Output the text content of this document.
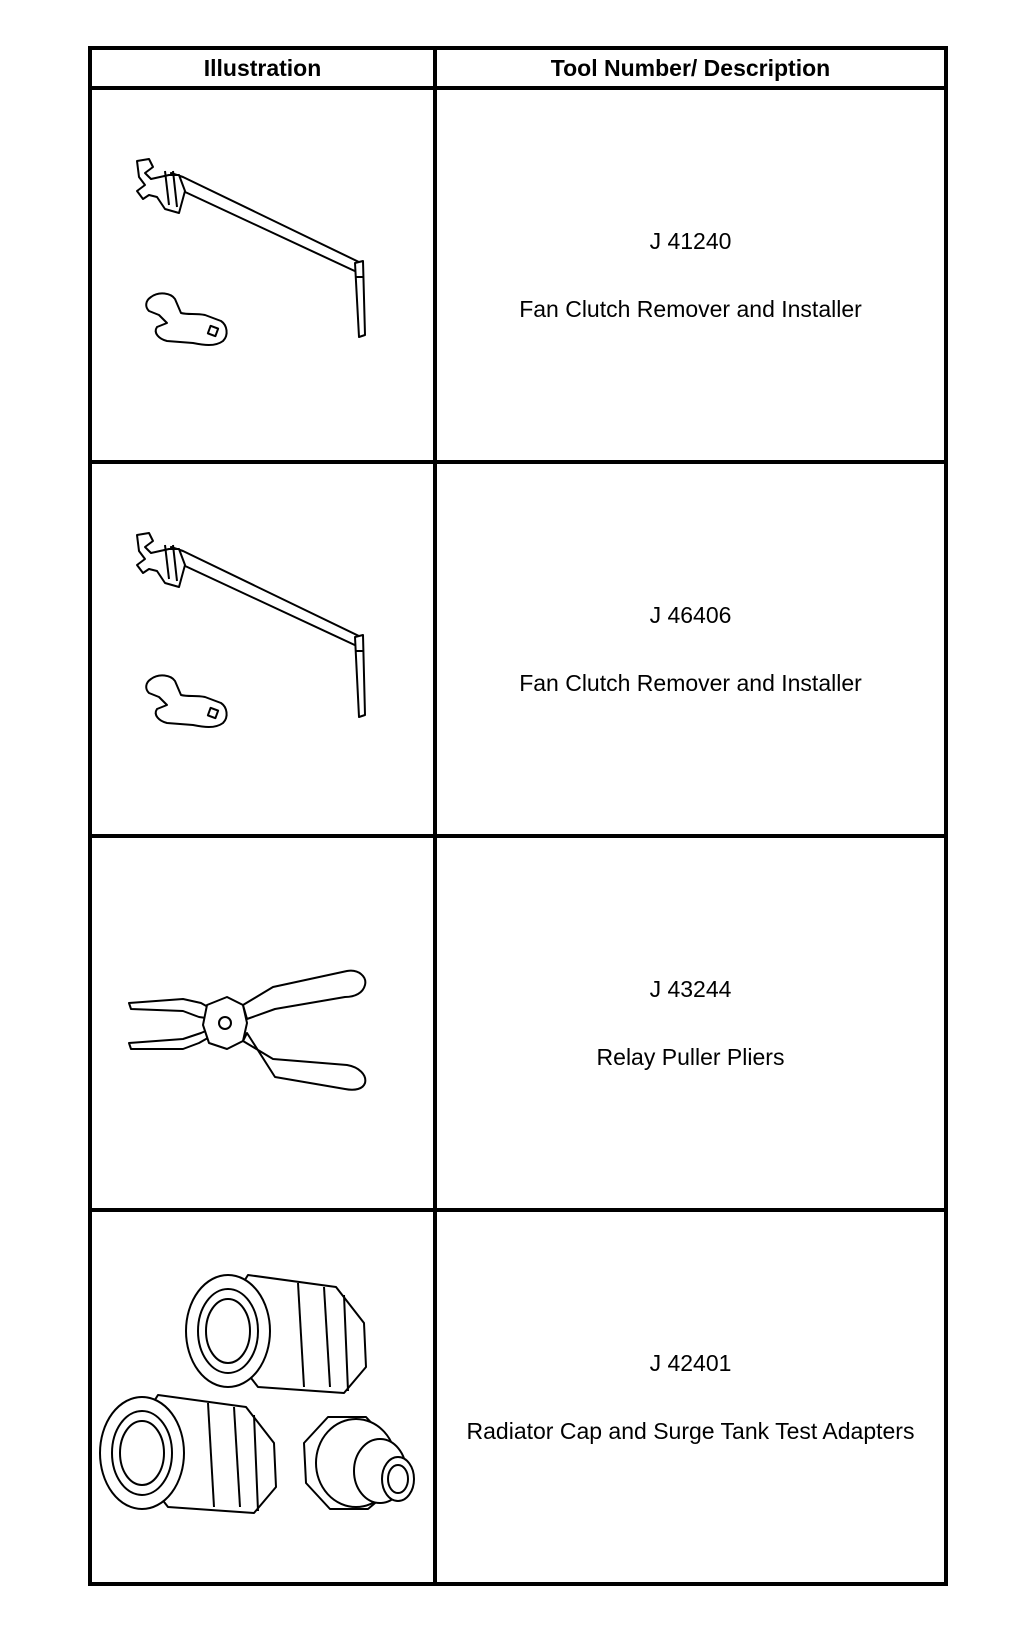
Illustration	Tool Number/ Description

J 41240
Fan Clutch Remover and Installer

J 46406
Fan Clutch Remover and Installer

J 43244
Relay Puller Pliers

J 42401
Radiator Cap and Surge Tank Test Adapters
